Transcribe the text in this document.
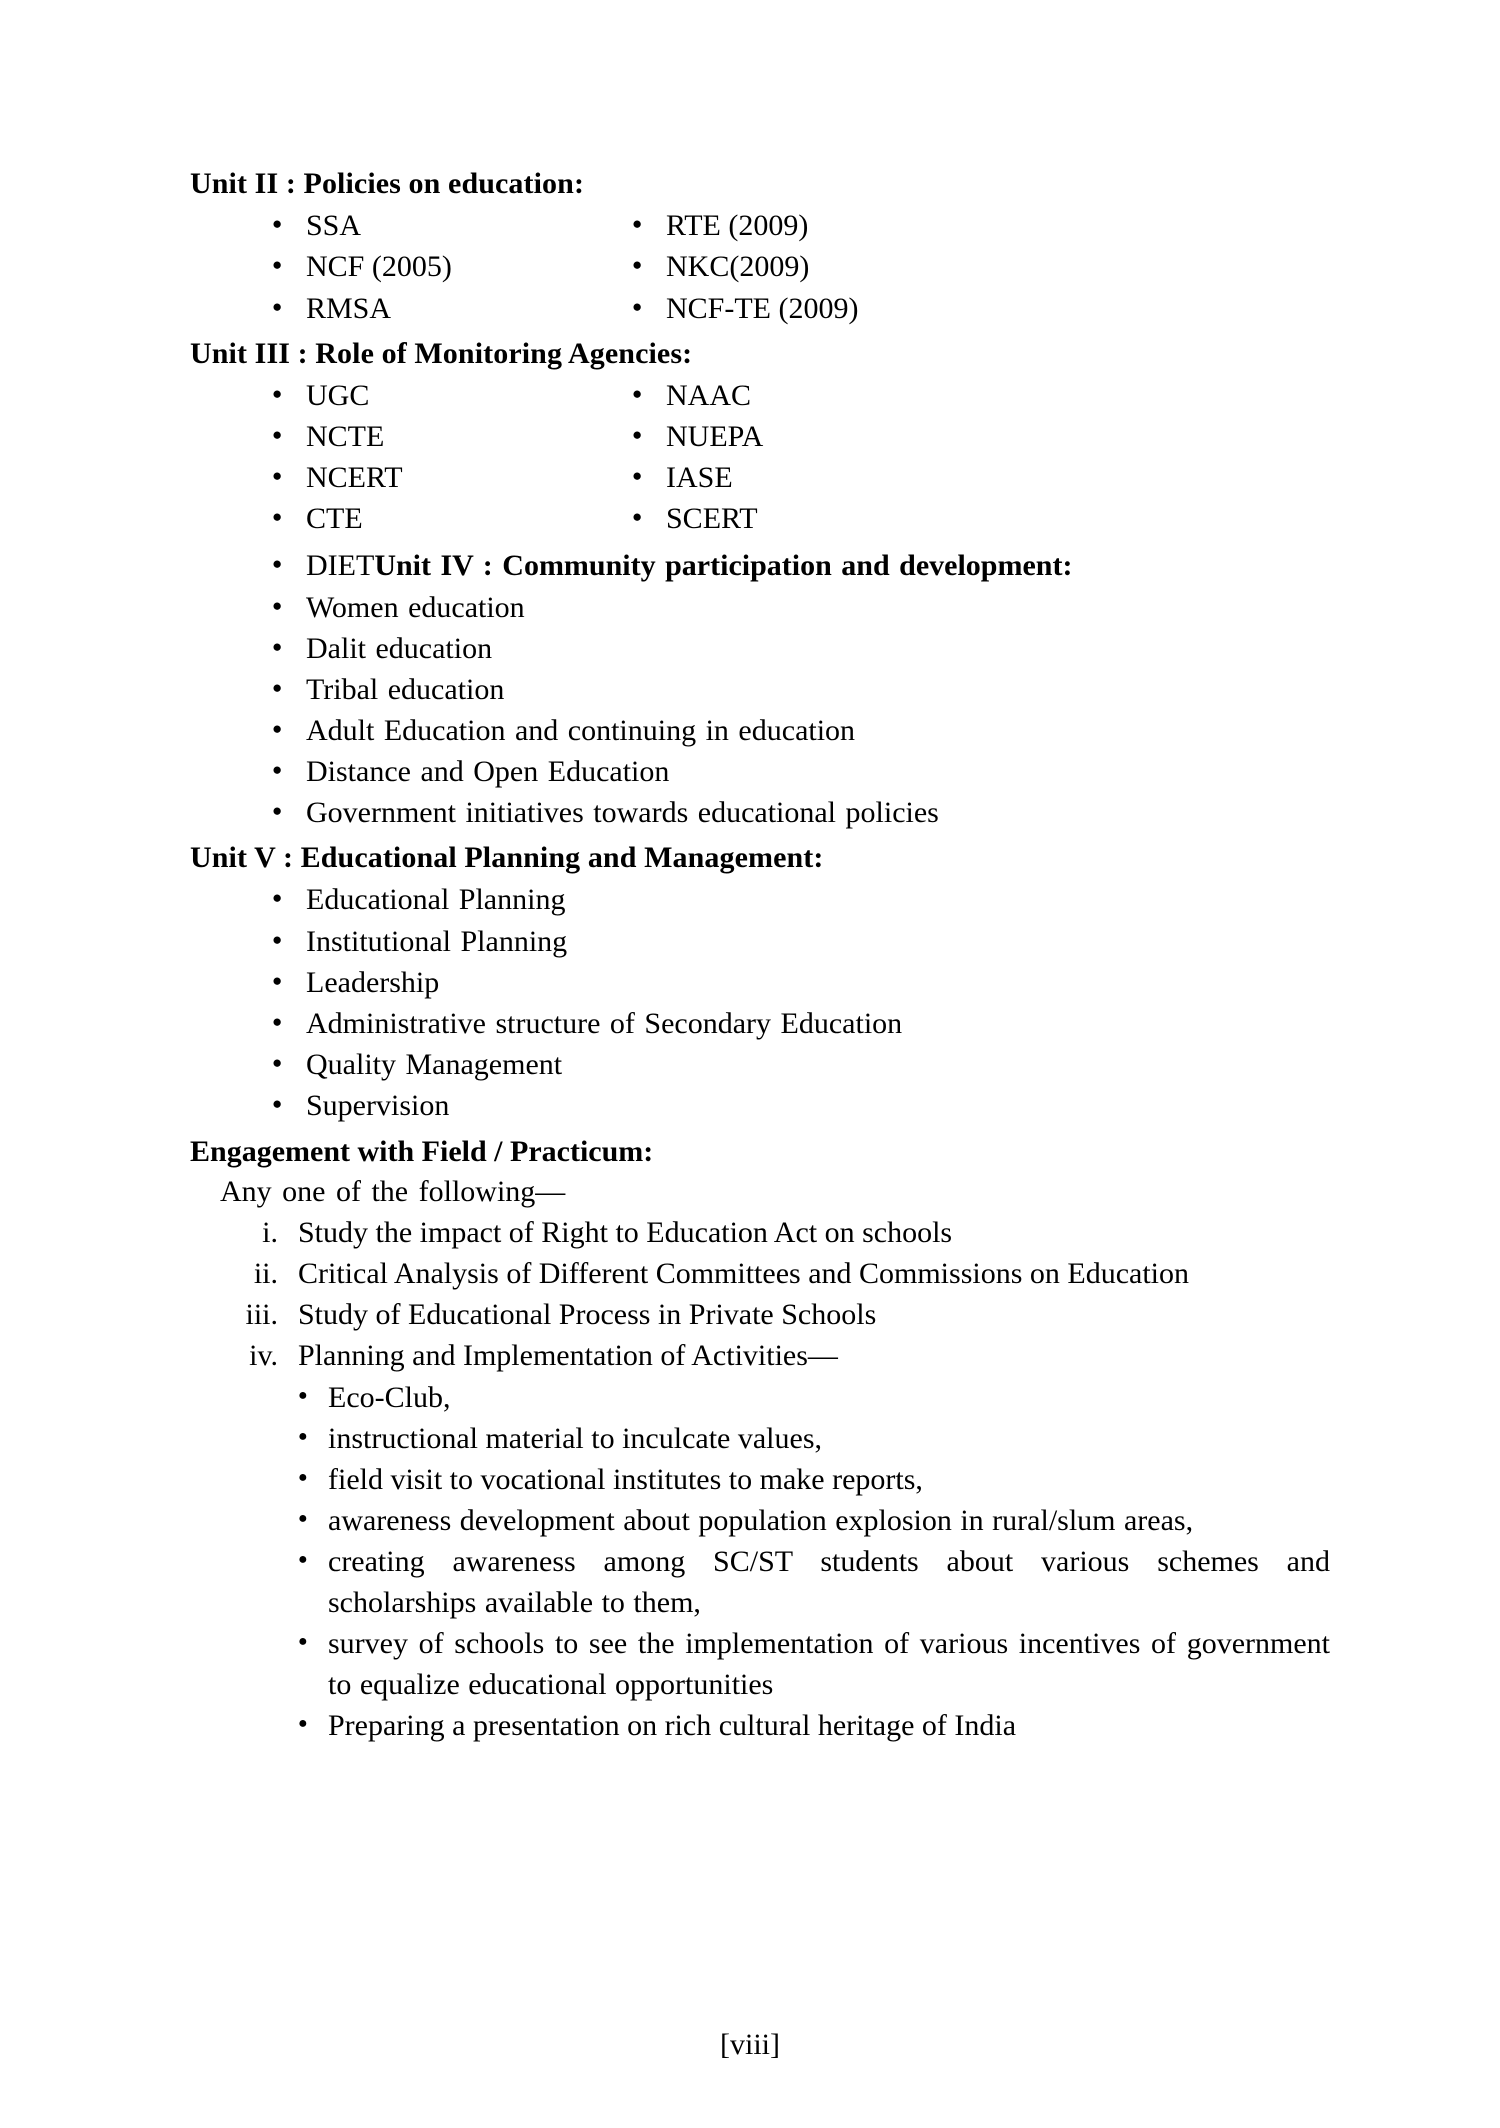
Unit II : Policies on education:
● SSA
● NCF (2005)
● RMSA
● RTE (2009)
● NKC(2009)
● NCF-TE (2009)
Unit III : Role of Monitoring Agencies:
● UGC
● NCTE
● NCERT
● CTE
● NAAC
● NUEPA
● IASE
● SCERT
● DIETUnit IV : Community participation and development:
● Women education
● Dalit education
● Tribal education
● Adult Education and continuing in education
● Distance and Open Education
● Government initiatives towards educational policies
Unit V : Educational Planning and Management:
● Educational Planning
● Institutional Planning
● Leadership
● Administrative structure of Secondary Education
● Quality Management
● Supervision
Engagement with Field / Practicum:
Any one of the following—
i. Study the impact of Right to Education Act on schools
ii. Critical Analysis of Different Committees and Commissions on Education
iii. Study of Educational Process in Private Schools
iv. Planning and Implementation of Activities—
● Eco-Club,
● instructional material to inculcate values,
● field visit to vocational institutes to make reports,
● awareness development about population explosion in rural/slum areas,
● creating awareness among SC/ST students about various schemes and scholarships available to them,
● survey of schools to see the implementation of various incentives of government to equalize educational opportunities
● Preparing a presentation on rich cultural heritage of India
[viii]
